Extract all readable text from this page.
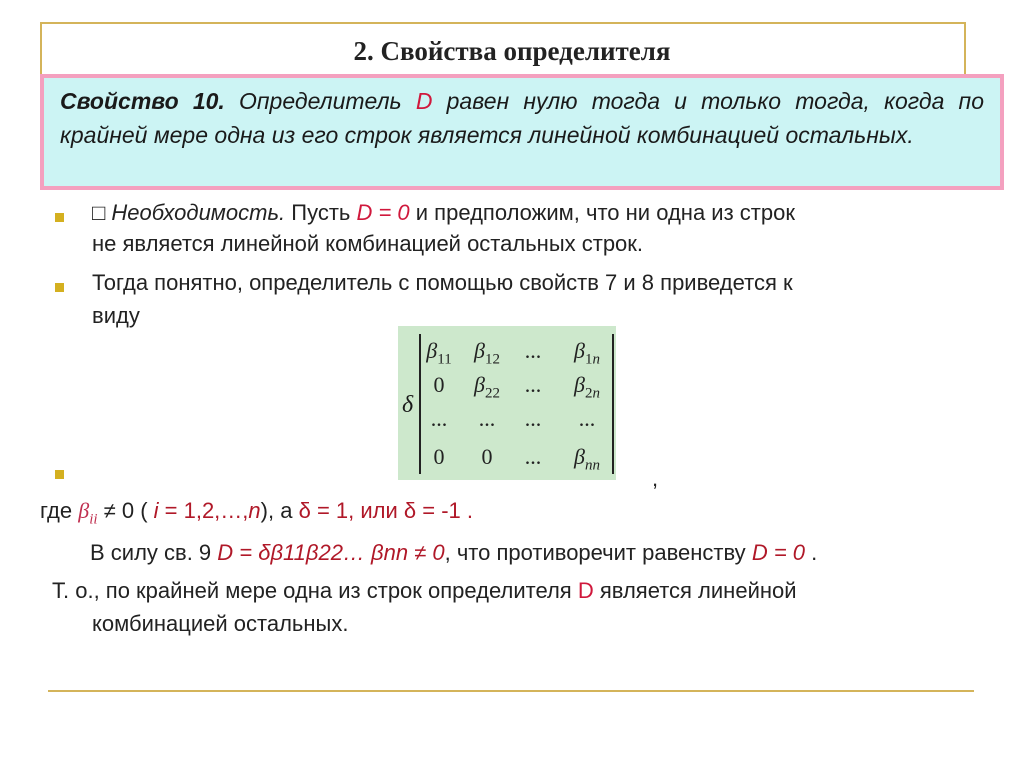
2. Свойства определителя
Свойство 10. Определитель D равен нулю тогда и только тогда, когда по крайней мере одна из его строк является линейной комбинацией остальных.
□ Необходимость. Пусть D = 0 и предположим, что ни одна из строк
не является линейной комбинацией остальных строк.
Тогда понятно, определитель с помощью свойств 7 и 8 приведется к
виду
δ
$\beta_{11}$	$\beta_{12}$	...	$\beta_{1n}$
0	$\beta_{22}$	...	$\beta_{2n}$
...	...	...	...
0	0	...	$\beta_{nn}$
,
где $\beta_{ii} \ne 0$ ( i = 1,2,…,n), а δ = 1, или δ = -1 .
В силу св. 9 D = δβ11β22… βnn ≠ 0, что противоречит равенству D = 0 .
Т. о., по крайней мере одна из строк определителя D является линейной
комбинацией остальных.
